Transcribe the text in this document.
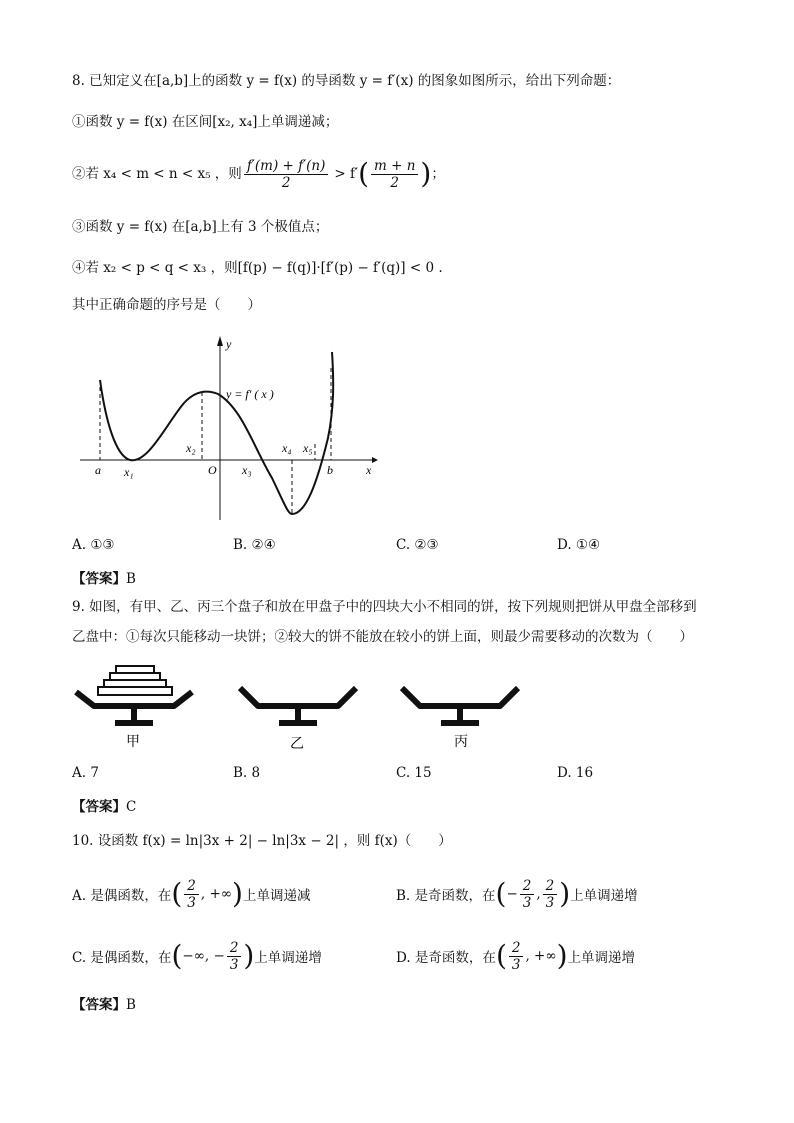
8. 已知定义在[a,b]上的函数 y = f(x) 的导函数 y = f′(x) 的图象如图所示，给出下列命题：
①函数 y = f(x) 在区间[x₂, x₄]上单调递减；
②若 x₄ < m < n < x₅ ，则 $\frac{f'(m) + f'(n)}{2} > f'$ ( $\frac{m + n}{2}$ ) ；
③函数 y = f(x) 在[a,b]上有 3 个极值点；
④若 x₂ < p < q < x₃ ，则[f(p) − f(q)]·[f′(p) − f′(q)] < 0 .
其中正确命题的序号是（　　）
y
x
y = f′ ( x )
a x₁
x₂
O x₃
x₄ x₅
b
A. ①③	B. ②④	C. ②③	D. ①④
【答案】B
9. 如图，有甲、乙、丙三个盘子和放在甲盘子中的四块大小不相同的饼，按下列规则把饼从甲盘全部移到
乙盘中：①每次只能移动一块饼；②较大的饼不能放在较小的饼上面，则最少需要移动的次数为（　　）
甲	乙	丙
A. 7	B. 8	C. 15	D. 16
【答案】C
10. 设函数 f(x) = ln|3x + 2| − ln|3x − 2| ，则 f(x)（　　）
A. 是偶函数，在 ( $\frac{2}{3}$ , +∞ ) 上单调递减	B. 是奇函数，在 ( − $\frac{2}{3}$ , $\frac{2}{3}$ ) 上单调递增
C. 是偶函数，在 ( −∞, − $\frac{2}{3}$ ) 上单调递增	D. 是奇函数，在 ( $\frac{2}{3}$ , +∞ ) 上单调递增
【答案】B
